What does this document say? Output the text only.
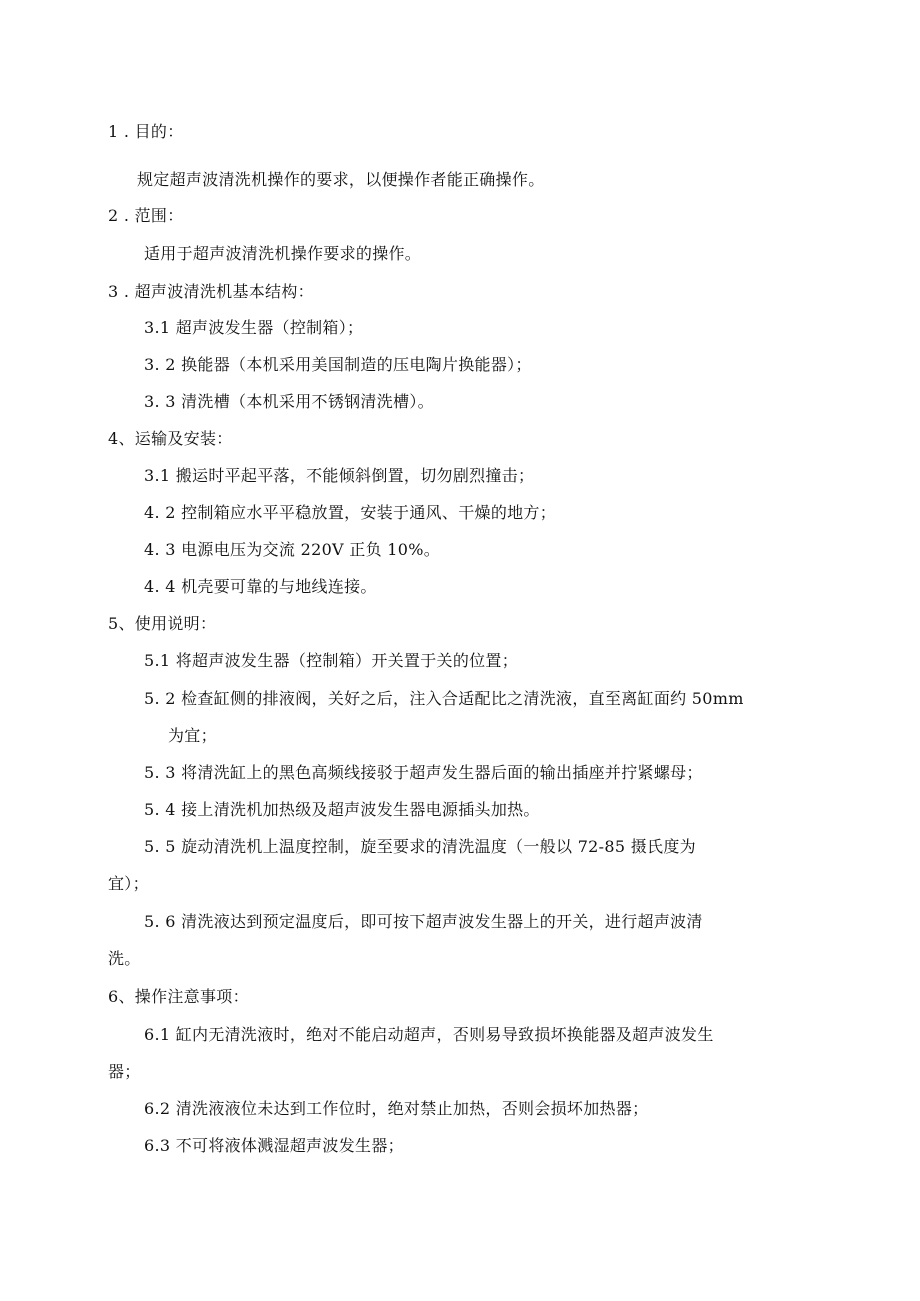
1 . 目的：
规定超声波清洗机操作的要求，以便操作者能正确操作。
2 . 范围：
适用于超声波清洗机操作要求的操作。
3 . 超声波清洗机基本结构：
3.1 超声波发生器（控制箱）；
3. 2 换能器（本机采用美国制造的压电陶片换能器）；
3. 3 清洗槽（本机采用不锈钢清洗槽）。
4、运输及安装：
3.1 搬运时平起平落，不能倾斜倒置，切勿剧烈撞击；
4. 2 控制箱应水平平稳放置，安装于通风、干燥的地方；
4. 3 电源电压为交流 220V 正负 10%。
4. 4 机壳要可靠的与地线连接。
5、使用说明：
5.1 将超声波发生器（控制箱）开关置于关的位置；
5. 2 检查缸侧的排液阀，关好之后，注入合适配比之清洗液，直至离缸面约 50mm
为宜；
5. 3 将清洗缸上的黑色高频线接驳于超声发生器后面的输出插座并拧紧螺母；
5. 4 接上清洗机加热级及超声波发生器电源插头加热。
5. 5 旋动清洗机上温度控制，旋至要求的清洗温度（一般以 72-85 摄氏度为
宜）；
5. 6 清洗液达到预定温度后，即可按下超声波发生器上的开关，进行超声波清
洗。
6、操作注意事项：
6.1 缸内无清洗液时，绝对不能启动超声，否则易导致损坏换能器及超声波发生
器；
6.2 清洗液液位未达到工作位时，绝对禁止加热，否则会损坏加热器；
6.3 不可将液体溅湿超声波发生器；
